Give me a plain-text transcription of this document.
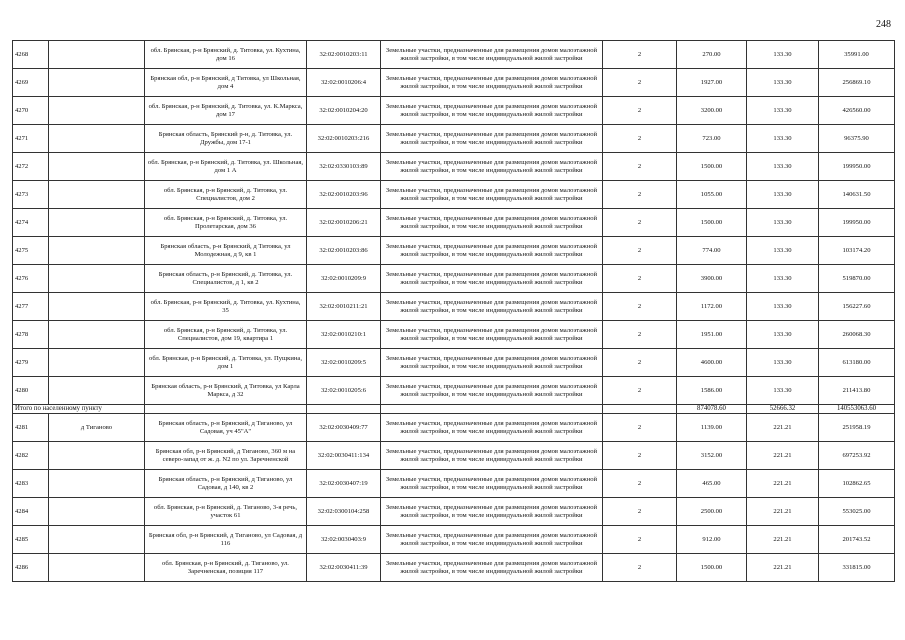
248
4268		обл. Брянская, р-н Брянский, д. Титовка, ул. Кухтина, дом 16	32:02:0010203:11	Земельные участки, предназначенные для размещения домов малоэтажной жилой застройки, в том числе индивидуальной жилой застройки	2	270.00	133.30	35991.00
4269		Брянская обл, р-н Брянский, д Титовка, ул Школьная, дом 4	32:02:0010206:4	Земельные участки, предназначенные для размещения домов малоэтажной жилой застройки, в том числе индивидуальной жилой застройки	2	1927.00	133.30	256869.10
4270		обл. Брянская, р-н Брянский, д. Титовка, ул. К.Маркса, дом 17	32:02:0010204:20	Земельные участки, предназначенные для размещения домов малоэтажной жилой застройки, в том числе индивидуальной жилой застройки	2	3200.00	133.30	426560.00
4271		Брянская область, Брянский р-н, д. Титовка, ул. Дружбы, дом 17-1	32:02:0010203:216	Земельные участки, предназначенные для размещения домов малоэтажной жилой застройки, в том числе индивидуальной жилой застройки	2	723.00	133.30	96375.90
4272		обл. Брянская, р-н Брянский, д. Титовка, ул. Школьная, дом 1 А	32:02:0330103:89	Земельные участки, предназначенные для размещения домов малоэтажной жилой застройки, в том числе индивидуальной жилой застройки	2	1500.00	133.30	199950.00
4273		обл. Брянская, р-н Брянский, д. Титовка, ул. Специалистов, дом 2	32:02:0010203:96	Земельные участки, предназначенные для размещения домов малоэтажной жилой застройки, в том числе индивидуальной жилой застройки	2	1055.00	133.30	140631.50
4274		обл. Брянская, р-н Брянский, д. Титовка, ул. Пролетарская, дом 36	32:02:0010206:21	Земельные участки, предназначенные для размещения домов малоэтажной жилой застройки, в том числе индивидуальной жилой застройки	2	1500.00	133.30	199950.00
4275		Брянская область, р-н Брянский, д Титовка, ул Молодежная, д 9, кв 1	32:02:0010203:86	Земельные участки, предназначенные для размещения домов малоэтажной жилой застройки, в том числе индивидуальной жилой застройки	2	774.00	133.30	103174.20
4276		Брянская область, р-н Брянский, д. Титовка, ул. Специалистов, д 1, кв 2	32:02:0010209:9	Земельные участки, предназначенные для размещения домов малоэтажной жилой застройки, в том числе индивидуальной жилой застройки	2	3900.00	133.30	519870.00
4277		обл. Брянская, р-н Брянский, д. Титовка, ул. Кухтина, 35	32:02:0010211:21	Земельные участки, предназначенные для размещения домов малоэтажной жилой застройки, в том числе индивидуальной жилой застройки	2	1172.00	133.30	156227.60
4278		обл. Брянская, р-н Брянский, д. Титовка, ул. Специалистов, дом 19, квартира 1	32:02:0010210:1	Земельные участки, предназначенные для размещения домов малоэтажной жилой застройки, в том числе индивидуальной жилой застройки	2	1951.00	133.30	260068.30
4279		обл. Брянская, р-н Брянский, д. Титовка, ул. Пущкина, дом 1	32:02:0010209:5	Земельные участки, предназначенные для размещения домов малоэтажной жилой застройки, в том числе индивидуальной жилой застройки	2	4600.00	133.30	613180.00
4280		Брянская область, р-н Брянский, д Титовка, ул Карла Маркса, д 32	32:02:0010205:6	Земельные участки, предназначенные для размещения домов малоэтажной жилой застройки, в том числе индивидуальной жилой застройки	2	1586.00	133.30	211413.80
Итого по населенному пункту						874078.60	52666.32	140553063.60
4281	д Тиганово	Брянская область, р-н Брянский, д Тиганово, ул Садовая, уч 45"А"	32:02:0030409:77	Земельные участки, предназначенные для размещения домов малоэтажной жилой застройки, в том числе индивидуальной жилой застройки	2	1139.00	221.21	251958.19
4282		Брянская обл, р-н Брянский, д Тиганово, 360 м на северо-запад от ж. д. N2 по ул. Заречненской	32:02:0030411:134	Земельные участки, предназначенные для размещения домов малоэтажной жилой застройки, в том числе индивидуальной жилой застройки	2	3152.00	221.21	697253.92
4283		Брянская область, р-н Брянский, д Тиганово, ул Садовая, д 140, кв 2	32:02:0030407:19	Земельные участки, предназначенные для размещения домов малоэтажной жилой застройки, в том числе индивидуальной жилой застройки	2	465.00	221.21	102862.65
4284		обл. Брянская, р-н Брянский, д. Тиганово, 3-я речь, участок 61	32:02:0300104:258	Земельные участки, предназначенные для размещения домов малоэтажной жилой застройки, в том числе индивидуальной жилой застройки	2	2500.00	221.21	553025.00
4285		Брянская обл, р-н Брянский, д Тиганово, ул Садовая, д 116	32:02:0030403:9	Земельные участки, предназначенные для размещения домов малоэтажной жилой застройки, в том числе индивидуальной жилой застройки	2	912.00	221.21	201743.52
4286		обл. Брянская, р-н Брянский, д. Тиганово, ул. Заречненская, позиция 117	32:02:0030411:39	Земельные участки, предназначенные для размещения домов малоэтажной жилой застройки, в том числе индивидуальной жилой застройки	2	1500.00	221.21	331815.00
